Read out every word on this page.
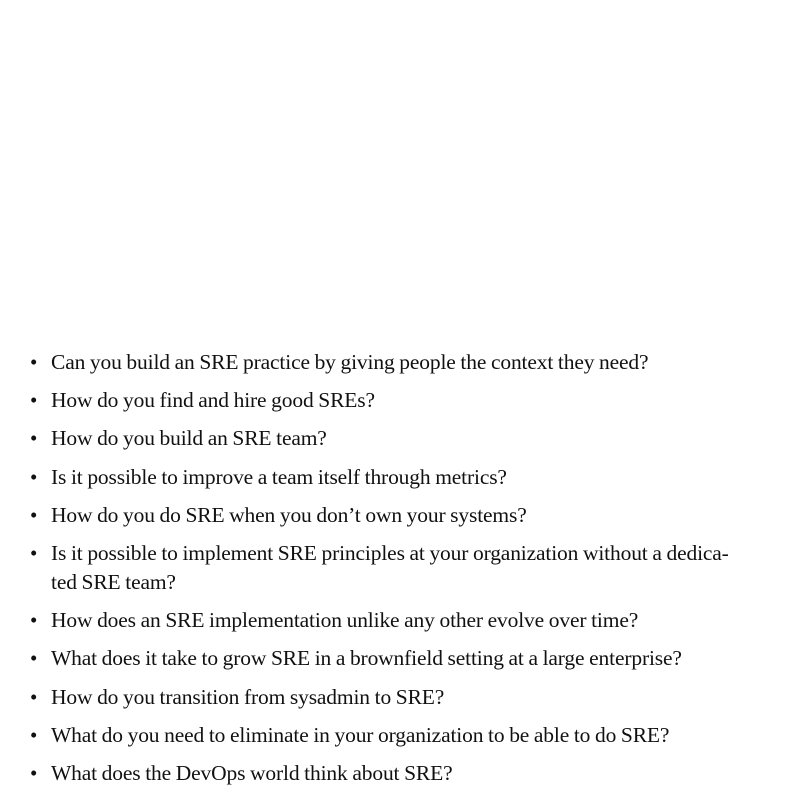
• Can you build an SRE practice by giving people the context they need?
• How do you find and hire good SREs?
• How do you build an SRE team?
• Is it possible to improve a team itself through metrics?
• How do you do SRE when you don’t own your systems?
• Is it possible to implement SRE principles at your organization without a dedica-
ted SRE team?
• How does an SRE implementation unlike any other evolve over time?
• What does it take to grow SRE in a brownfield setting at a large enterprise?
• How do you transition from sysadmin to SRE?
• What do you need to eliminate in your organization to be able to do SRE?
• What does the DevOps world think about SRE?
